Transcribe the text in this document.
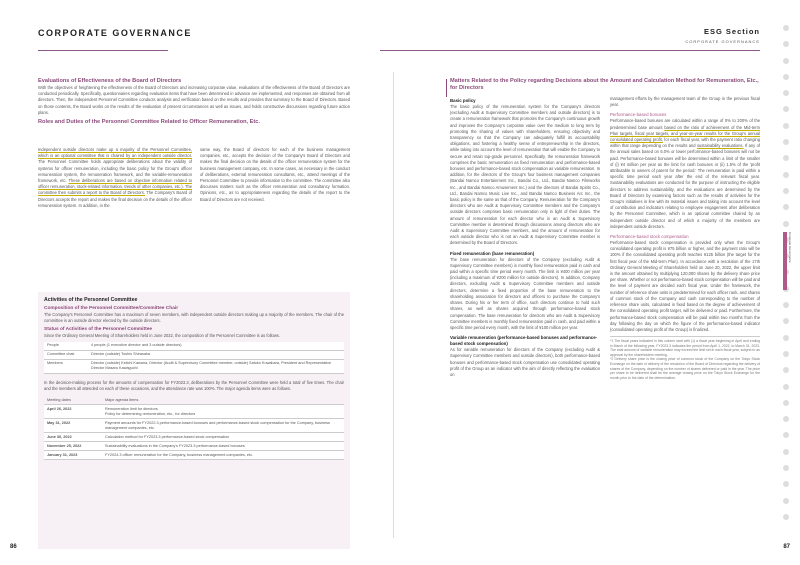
CORPORATE GOVERNANCE	ESG Section
CORPORATE GOVERNANCE
Corporate Governance
Evaluations of Effectiveness of the Board of Directors

With the objectives of heightening the effectiveness of the Board of Directors and increasing corporate value, evaluations of the effectiveness of the Board of Directors are conducted periodically. Specifically, questionnaires regarding evaluation items that have been determined in advance are implemented, and responses are obtained from all directors. Then, the independent Personnel Committee conducts analysis and verification based on the results and provides that summary to the Board of Directors. Based on those contents, the Board works on the results of the evaluation of present circumstances as well as issues, and holds constructive discussions regarding future action plans.

Roles and Duties of the Personnel Committee Related to Officer Remuneration, Etc.

Independent outside directors make up a majority of the Personnel Committee, which is an optional committee that is chaired by an independent outside director. The Personnel Committee holds appropriate deliberations about the validity of systems for officer remuneration, including the basic policy for the Group's officer remuneration system, the remuneration framework, and the variable-remuneration framework, etc. These deliberations are based on objective information related to officer remuneration, stock-related information, trends of other companies, etc.). The committee then submits a report to the Board of Directors. The Company's Board of Directors accepts the report and makes the final decision on the details of the officer remuneration system. In addition, in the

same way, the Board of directors for each of the business management companies, etc., accepts the decision of the Company's Board of Directors and makes the final decision on the details of the officer remuneration system for the business management company, etc. In some cases, as necessary in the conduct of deliberations, external remuneration consultants, etc., attend meetings of the Personnel Committee to provide information to the committee. The committee also discusses matters such as the officer remuneration and consultancy formation. Opinions, etc., as to appropriateness regarding the details of the report to the Board of Directors are not received.

Activities of the Personnel Committee
Composition of the Personnel Committee/Committee Chair

The Company's Personnel Committee has a maximum of seven members, with independent outside directors making up a majority of the members. The chair of the committee is an outside director elected by the outside directors.

Status of Activities of the Personnel Committee

Since the Ordinary General Meeting of Shareholders held in June 2022, the composition of the Personnel Committee is as follows.

People	4 people (1 executive director and 3 outside directors)
Committee chair	Director (outside) Toshio Shirasaka
Members	Director (outside) Keiichi Kawana, Director (Audit & Supervisory Committee member, outside) Satoko Kuwabara, President and Representative Director Masaru Kawaguchi

In the decision-making process for the amounts of compensation for FY2023.3, deliberations by the Personnel Committee were held a total of five times. The chair and the members all attended on each of these occasions, and the attendance rate was 100%. The major agenda items were as follows.

Meeting dates	Major agenda items
April 26, 2022	Remuneration limit for directors
Policy for determining remuneration, etc., for directors
May 31, 2022	Payment amounts for FY2022.3 performance-based bonuses and performance-based stock compensation for the Company, business management companies, etc.
June 30, 2022	Calculation method for FY2023.3 performance-based stock compensation
November 25, 2022	Sustainability evaluations in the Company's FY2023.3 performance-based bonuses
January 31, 2023	FY2024.3 officer remuneration for the Company, business management companies, etc.
Matters Related to the Policy regarding Decisions about the Amount and Calculation Method for Remuneration, Etc., for Directors
Basic policy

The basic policy of the remuneration system for the Company's directors (excluding Audit & Supervisory Committee members and outside directors) is to create a remuneration framework that promotes the Company's continuous growth and improves the Company's corporate value over the medium to long term by promoting the sharing of values with shareholders, ensuring objectivity and transparency so that the Company can adequately fulfill its accountability obligations, and fostering a healthy sense of entrepreneurship in the directors, while taking into account the level of remuneration that will enable the Company to secure and retain top-grade personnel. Specifically, the remuneration framework comprises the basic remuneration as fixed remuneration and performance-based bonuses and performance-based stock compensation as variable remuneration. In addition, for the directors of the Group's four business management companies (Bandai Namco Entertainment Inc., Bandai Co., Ltd., Bandai Namco Filmworks Inc., and Bandai Namco Amusement Inc.) and the directors of Bandai Spirits Co., Ltd., Bandai Namco Music Live Inc., and Bandai Namco Business Arc Inc., the basic policy is the same as that of the Company. Remuneration for the Company's directors who are Audit & Supervisory Committee members and the Company's outside directors comprises basic remuneration only in light of their duties. The amount of remuneration for each director who is an Audit & Supervisory Committee member is determined through discussions among directors who are Audit & Supervisory Committee members, and the amount of remuneration for each outside director who is not an Audit & Supervisory Committee member is determined by the Board of Directors.

Fixed remuneration (base remuneration)

The base remuneration for directors of the Company (excluding Audit & Supervisory Committee members) is monthly fixed remuneration paid in cash and paid within a specific time period every month. The limit is ¥400 million per year (including a maximum of ¥200 million for outside directors). In addition, Company directors, excluding Audit & Supervisory Committee members and outside directors, determine a fixed proportion of the base remuneration to the shareholding association for directors and officers to purchase the Company's shares. During his or her term of office, such directors continue to hold such shares, as well as shares acquired through performance-based stock compensation. The base remuneration for directors who are Audit & Supervisory Committee members is monthly fixed remuneration paid in cash, and paid within a specific time period every month, with the limit of ¥100 million per year.

Variable remuneration (performance-based bonuses and performance-based stock compensation)

As for variable remuneration for directors of the Company (excluding Audit & Supervisory Committee members and outside directors), both performance-based bonuses and performance-based stock compensation use consolidated operating profit of the Group as an indicator with the aim of directly reflecting the evaluation on

management efforts by the management team of the Group in the previous fiscal year.

Performance-based bonuses

Performance-based bonuses are calculated within a range of 0% to 200% of the predetermined base amount based on the ratio of achievement of the Mid-term Plan targets, fiscal year targets, and year-on-year results for the Group's annual consolidated operating profit, for each fiscal year, with the payment ratio changing within that range depending on the results and sustainability evaluations. If any of the annual sales based on 5.0% or lower performance-based bonuses will not be paid. Performance-based bonuses will be determined within a limit of the smaller of (i) ¥4 million per year as the limit for cash bonuses or (ii) 1.5% of the 'profit attributable to owners of parent for the period.' The remuneration is paid within a specific time period each year after the end of the relevant fiscal year. Sustainability evaluations are conducted for the purpose of instructing the eligible directors to address sustainability, and the evaluations are determined by the Board of Directors by examining factors such as the results of activities for the Group's initiatives in line with its material issues and taking into account the level of contribution and indicators relating to employee engagement after deliberation by the Personnel Committee, which is an optional committee chaired by an independent outside director and of which a majority of the members are independent outside directors.

Performance-based stock compensation

Performance-based stock compensation is provided only when the Group's consolidated operating profit is ¥75 billion or higher, and the payment ratio will be 100% if the consolidated operating profit reaches ¥125 billion (the target for the first fiscal year of the Mid-term Plan). In accordance with a resolution of the 17th Ordinary General Meeting of Shareholders held on June 20, 2022, the upper limit is the amount obtained by multiplying 120,000 shares by the delivery share price per share. Whether or not performance-based stock compensation will be paid and the level of payment are decided each fiscal year. Under the framework, the number of reference share units is predetermined for each officer rank, and shares of common stock of the Company and cash corresponding to the number of reference share units, calculated in fixed based on the degree of achievement of the consolidated operating profit target, will be delivered or paid. Furthermore, the performance-based stock compensation will be paid within two months from the day following the day on which the figure of the performance-based indicator (consolidated operating profit of the Group) is finalized.

*1 The fiscal years indicated in this column start with (1) a fiscal year beginning in April and ending in March of the following year. FY2023.3 indicates the period from April 1, 2022, to March 31, 2023. The total amount of variable remuneration may exceed the limit set in each fiscal year, subject to an approval by the shareholders meeting.

*2 Delivery share price is the closing price of common stock of the Company on the Tokyo Stock Exchange on the date of delivery of the resolution of the Board of Directors regarding the delivery of shares of the Company, depending on the number of shares delivered or paid in the year. The price per share to be delivered shall be the average closing price on the Tokyo Stock Exchange for the month prior to the date of the determination.

86	87
